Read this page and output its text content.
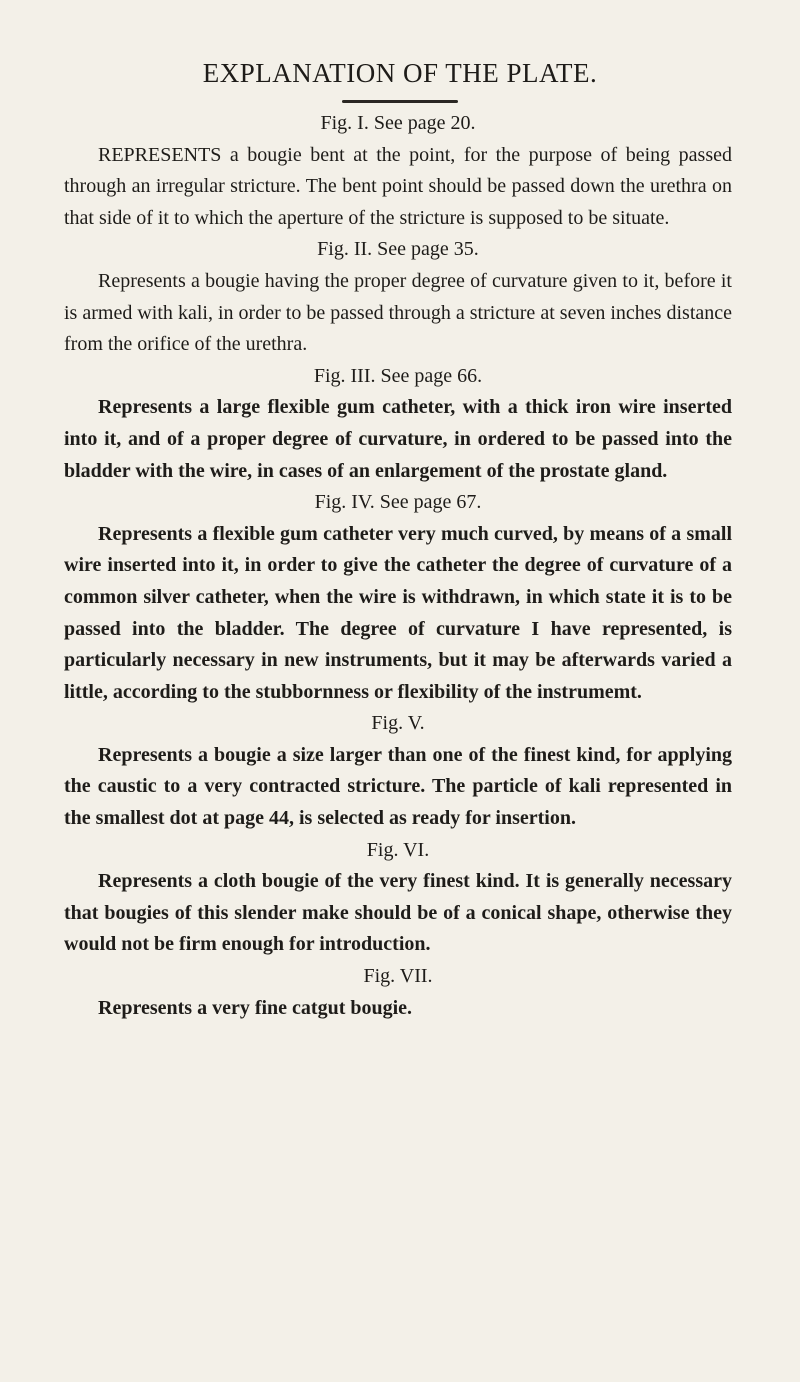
EXPLANATION OF THE PLATE.
Fig. I. See page 20.

REPRESENTS a bougie bent at the point, for the purpose of being passed through an irregular stricture. The bent point should be passed down the urethra on that side of it to which the aperture of the stricture is supposed to be situate.

Fig. II. See page 35.

Represents a bougie having the proper degree of curvature given to it, before it is armed with kali, in order to be passed through a stricture at seven inches distance from the orifice of the urethra.

Fig. III. See page 66.

Represents a large flexible gum catheter, with a thick iron wire inserted into it, and of a proper degree of curvature, in ordered to be passed into the bladder with the wire, in cases of an enlargement of the prostate gland.

Fig. IV. See page 67.

Represents a flexible gum catheter very much curved, by means of a small wire inserted into it, in order to give the catheter the degree of curvature of a common silver catheter, when the wire is withdrawn, in which state it is to be passed into the bladder. The degree of curvature I have represented, is particularly necessary in new instruments, but it may be afterwards varied a little, according to the stubbornness or flexibility of the instrumemt.

Fig. V.

Represents a bougie a size larger than one of the finest kind, for applying the caustic to a very contracted stricture. The particle of kali represented in the smallest dot at page 44, is selected as ready for insertion.

Fig. VI.

Represents a cloth bougie of the very finest kind. It is generally necessary that bougies of this slender make should be of a conical shape, otherwise they would not be firm enough for introduction.

Fig. VII.

Represents a very fine catgut bougie.
